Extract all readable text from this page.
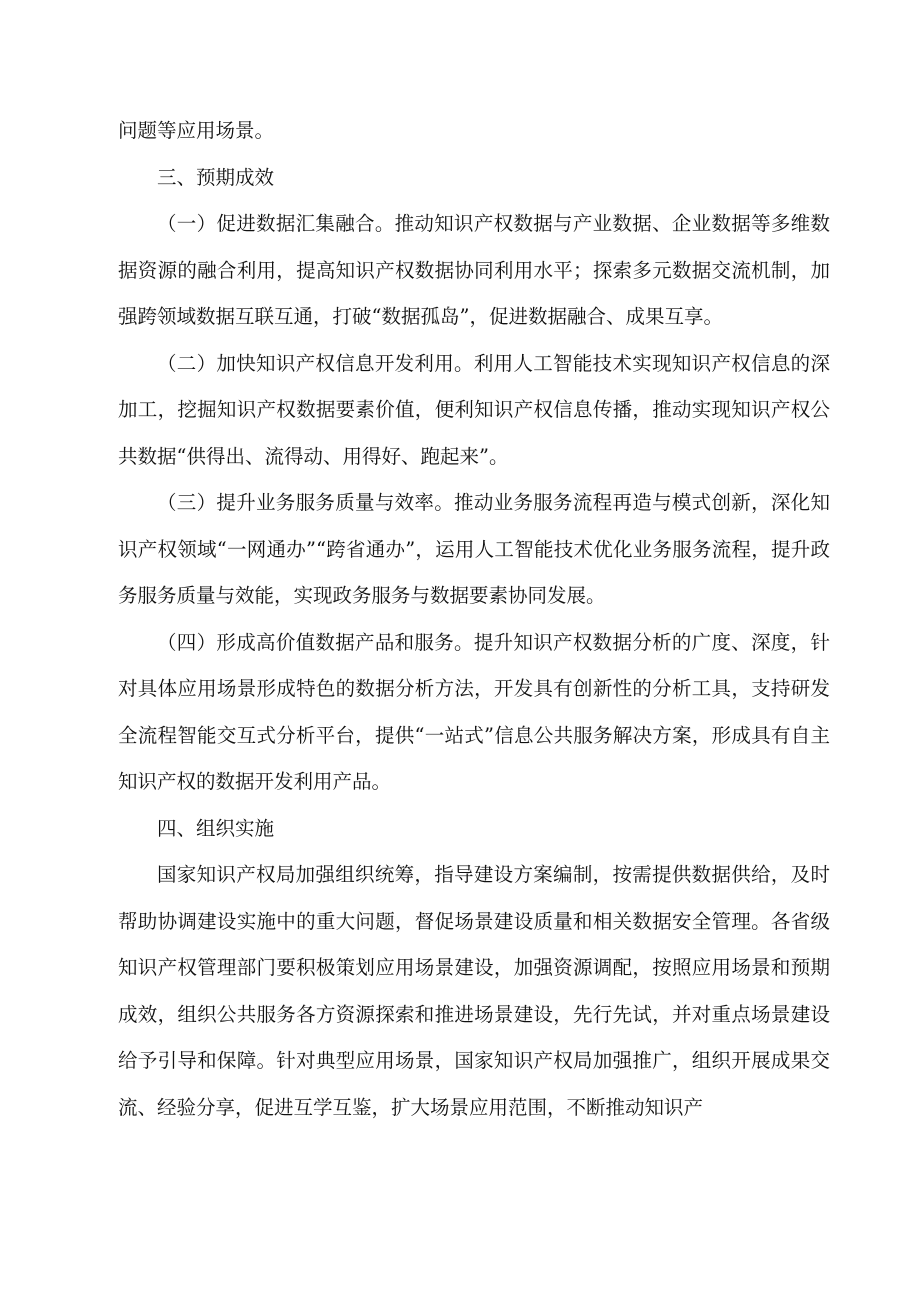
问题等应用场景。

三、预期成效

（一）促进数据汇集融合。推动知识产权数据与产业数据、企业数据等多维数据资源的融合利用，提高知识产权数据协同利用水平；探索多元数据交流机制，加强跨领域数据互联互通，打破“数据孤岛”，促进数据融合、成果互享。

（二）加快知识产权信息开发利用。利用人工智能技术实现知识产权信息的深加工，挖掘知识产权数据要素价值，便利知识产权信息传播，推动实现知识产权公共数据“供得出、流得动、用得好、跑起来”。

（三）提升业务服务质量与效率。推动业务服务流程再造与模式创新，深化知识产权领域“一网通办”“跨省通办”，运用人工智能技术优化业务服务流程，提升政务服务质量与效能，实现政务服务与数据要素协同发展。

（四）形成高价值数据产品和服务。提升知识产权数据分析的广度、深度，针对具体应用场景形成特色的数据分析方法，开发具有创新性的分析工具，支持研发全流程智能交互式分析平台，提供“一站式”信息公共服务解决方案，形成具有自主知识产权的数据开发利用产品。

四、组织实施

国家知识产权局加强组织统筹，指导建设方案编制，按需提供数据供给，及时帮助协调建设实施中的重大问题，督促场景建设质量和相关数据安全管理。各省级知识产权管理部门要积极策划应用场景建设，加强资源调配，按照应用场景和预期成效，组织公共服务各方资源探索和推进场景建设，先行先试，并对重点场景建设给予引导和保障。针对典型应用场景，国家知识产权局加强推广，组织开展成果交流、经验分享，促进互学互鉴，扩大场景应用范围，不断推动知识产
